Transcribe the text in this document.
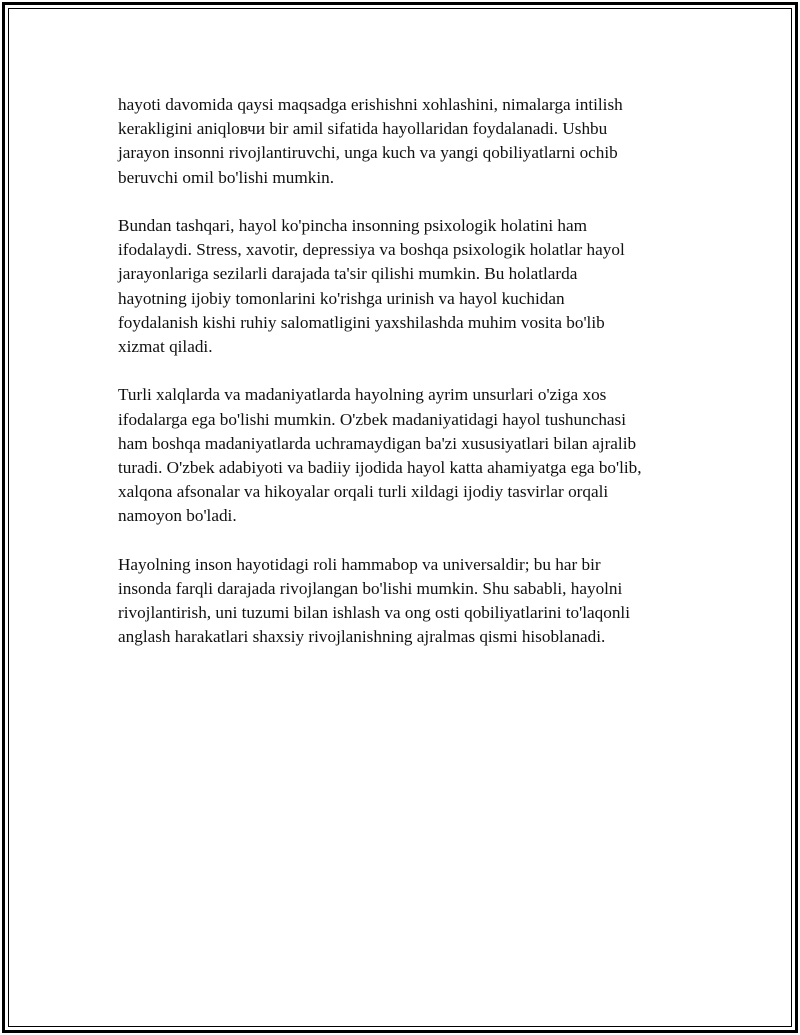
hayoti davomida qaysi maqsadga erishishni xohlashini, nimalarga intilish
kerakligini aniqlовчи bir amil sifatida hayollaridan foydalanadi. Ushbu
jarayon insonni rivojlantiruvchi, unga kuch va yangi qobiliyatlarni ochib
beruvchi omil bo'lishi mumkin.

Bundan tashqari, hayol ko'pincha insonning psixologik holatini ham
ifodalaydi. Stress, xavotir, depressiya va boshqa psixologik holatlar hayol
jarayonlariga sezilarli darajada ta'sir qilishi mumkin. Bu holatlarda
hayotning ijobiy tomonlarini ko'rishga urinish va hayol kuchidan
foydalanish kishi ruhiy salomatligini yaxshilashda muhim vosita bo'lib
xizmat qiladi.

Turli xalqlarda va madaniyatlarda hayolning ayrim unsurlari o'ziga xos
ifodalarga ega bo'lishi mumkin. O'zbek madaniyatidagi hayol tushunchasi
ham boshqa madaniyatlarda uchramaydigan ba'zi xususiyatlari bilan ajralib
turadi. O'zbek adabiyoti va badiiy ijodida hayol katta ahamiyatga ega bo'lib,
xalqona afsonalar va hikoyalar orqali turli xildagi ijodiy tasvirlar orqali
namoyon bo'ladi.

Hayolning inson hayotidagi roli hammabop va universaldir; bu har bir
insonda farqli darajada rivojlangan bo'lishi mumkin. Shu sababli, hayolni
rivojlantirish, uni tuzumi bilan ishlash va ong osti qobiliyatlarini to'laqonli
anglash harakatlari shaxsiy rivojlanishning ajralmas qismi hisoblanadi.
